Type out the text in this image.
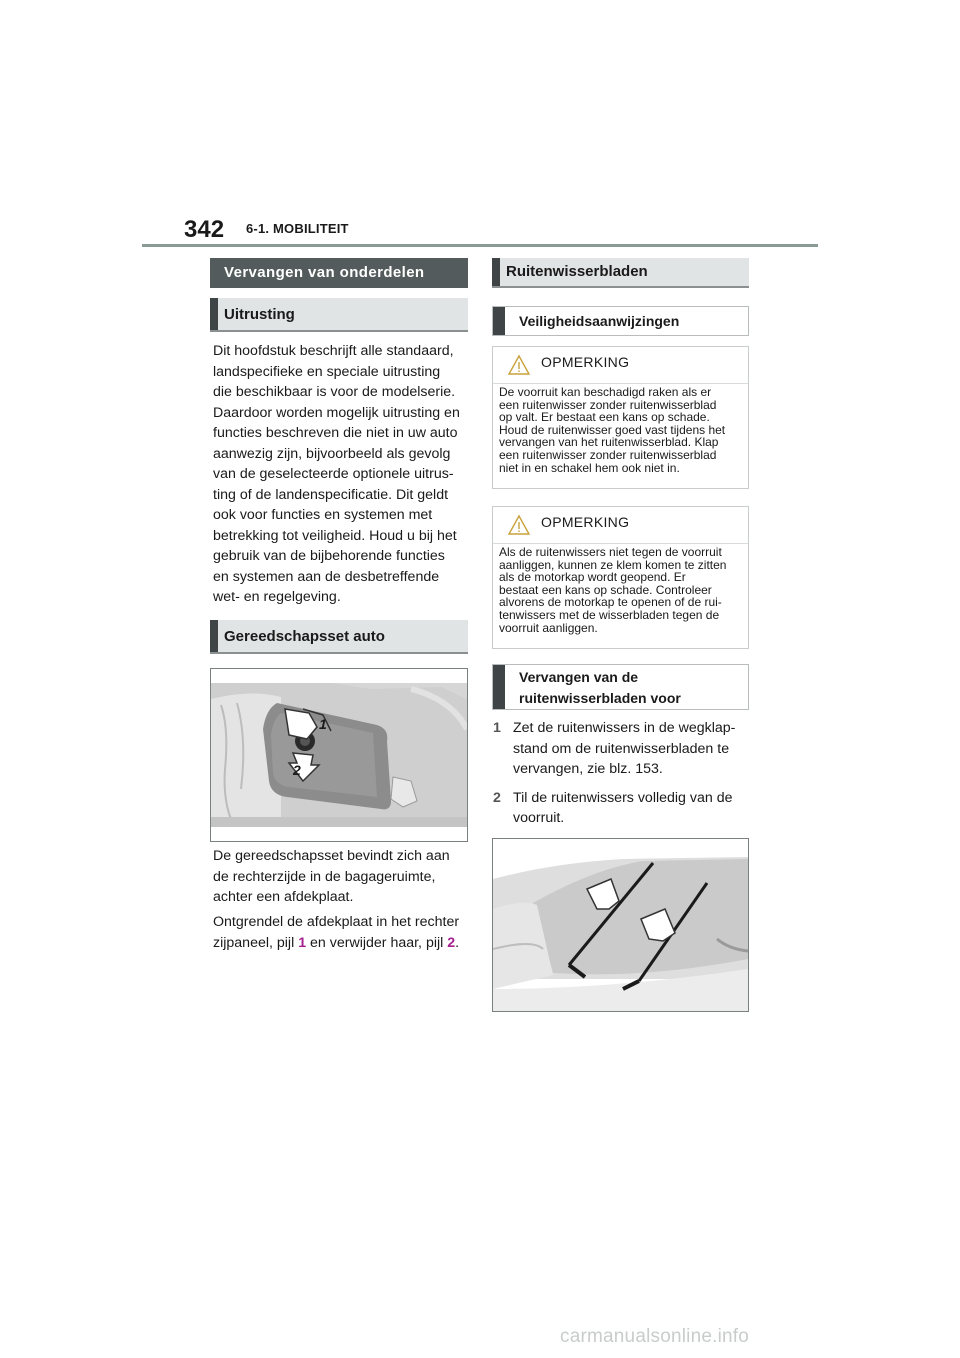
342 6-1. MOBILITEIT
Vervangen van onderdelen
Uitrusting
Dit hoofdstuk beschrijft alle standaard,
landspecifieke en speciale uitrusting
die beschikbaar is voor de modelserie.
Daardoor worden mogelijk uitrusting en
functies beschreven die niet in uw auto
aanwezig zijn, bijvoorbeeld als gevolg
van de geselecteerde optionele uitrus-
ting of de landenspecificatie. Dit geldt
ook voor functies en systemen met
betrekking tot veiligheid. Houd u bij het
gebruik van de bijbehorende functies
en systemen aan de desbetreffende
wet- en regelgeving.
Gereedschapsset auto
1
2
De gereedschapsset bevindt zich aan
de rechterzijde in de bagageruimte,
achter een afdekplaat.
Ontgrendel de afdekplaat in het rechter
zijpaneel, pijl 1 en verwijder haar, pijl 2.
Ruitenwisserbladen
Veiligheidsaanwijzingen
OPMERKING
De voorruit kan beschadigd raken als er
een ruitenwisser zonder ruitenwisserblad
op valt. Er bestaat een kans op schade.
Houd de ruitenwisser goed vast tijdens het
vervangen van het ruitenwisserblad. Klap
een ruitenwisser zonder ruitenwisserblad
niet in en schakel hem ook niet in.
OPMERKING
Als de ruitenwissers niet tegen de voorruit
aanliggen, kunnen ze klem komen te zitten
als de motorkap wordt geopend. Er
bestaat een kans op schade. Controleer
alvorens de motorkap te openen of de rui-
tenwissers met de wisserbladen tegen de
voorruit aanliggen.
Vervangen van de
ruitenwisserbladen voor
1 Zet de ruitenwissers in de wegklap-
stand om de ruitenwisserbladen te
vervangen, zie blz. 153.
2 Til de ruitenwissers volledig van de
voorruit.
carmanualsonline.info
